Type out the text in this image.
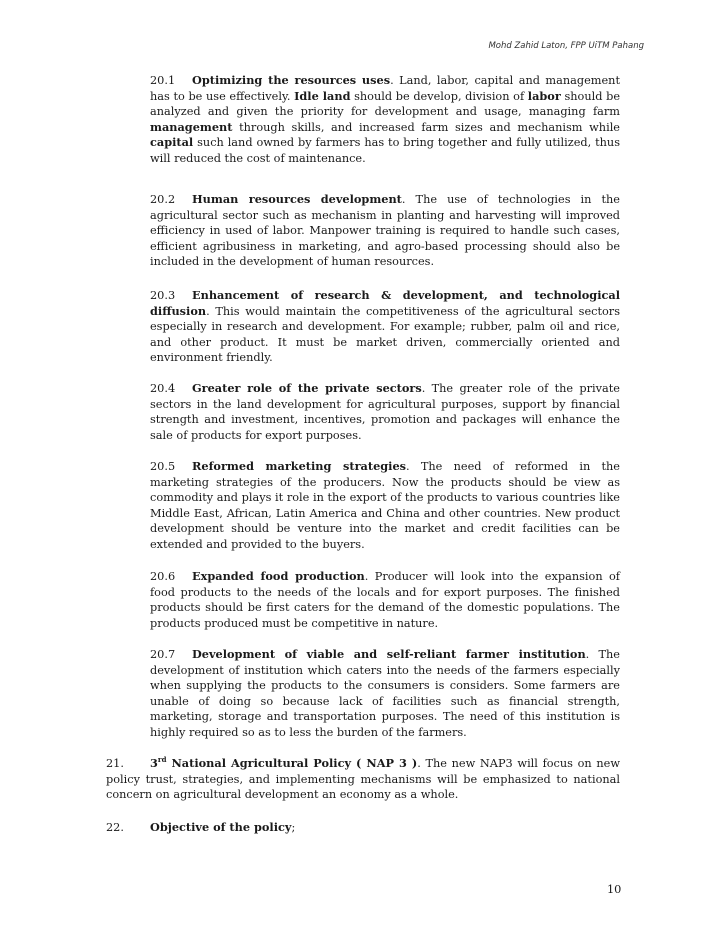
Mohd Zahid Laton, FPP UiTM Pahang

20.1 Optimizing the resources uses. Land, labor, capital and management has to be use effectively. Idle land should be develop, division of labor should be analyzed and given the priority for development and usage, managing farm management through skills, and increased farm sizes and mechanism while capital such land owned by farmers has to bring together and fully utilized, thus will reduced the cost of maintenance.

20.2 Human resources development. The use of technologies in the agricultural sector such as mechanism in planting and harvesting will improved efficiency in used of labor. Manpower training is required to handle such cases, efficient agribusiness in marketing, and agro-based processing should also be included in the development of human resources.

20.3 Enhancement of research & development, and technological diffusion. This would maintain the competitiveness of the agricultural sectors especially in research and development. For example; rubber, palm oil and rice, and other product. It must be market driven, commercially oriented and environment friendly.

20.4 Greater role of the private sectors. The greater role of the private sectors in the land development for agricultural purposes, support by financial strength and investment, incentives, promotion and packages will enhance the sale of products for export purposes.

20.5 Reformed marketing strategies. The need of reformed in the marketing strategies of the producers. Now the products should be view as commodity and plays it role in the export of the products to various countries like Middle East, African, Latin America and China and other countries. New product development should be venture into the market and credit facilities can be extended and provided to the buyers.

20.6 Expanded food production. Producer will look into the expansion of food products to the needs of the locals and for export purposes. The finished products should be first caters for the demand of the domestic populations. The products produced must be competitive in nature.

20.7 Development of viable and self-reliant farmer institution. The development of institution which caters into the needs of the farmers especially when supplying the products to the consumers is considers. Some farmers are unable of doing so because lack of facilities such as financial strength, marketing, storage and transportation purposes. The need of this institution is highly required so as to less the burden of the farmers.

21. 3rd National Agricultural Policy ( NAP 3 ). The new NAP3 will focus on new policy trust, strategies, and implementing mechanisms will be emphasized to national concern on agricultural development an economy as a whole.

22. Objective of the policy;

10
